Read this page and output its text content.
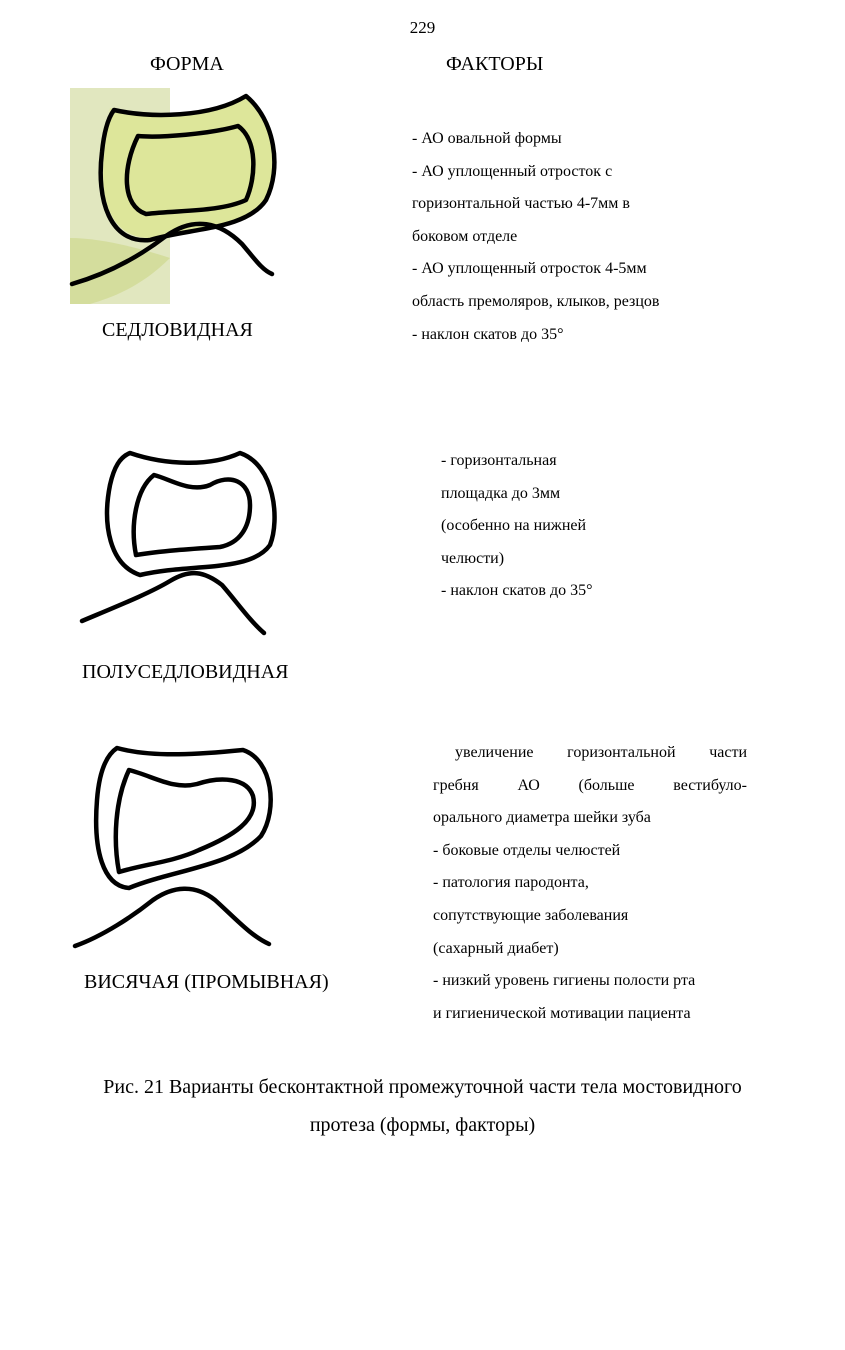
229
ФОРМА	ФАКТОРЫ
СЕДЛОВИДНАЯ
- АО овальной формы
- АО уплощенный отросток с
горизонтальной частью 4-7мм в
боковом отделе
- АО уплощенный отросток 4-5мм
область премоляров, клыков, резцов
- наклон скатов до 35°
ПОЛУСЕДЛОВИДНАЯ
- горизонтальная
площадка до 3мм
(особенно на нижней
челюсти)
- наклон скатов до 35°
ВИСЯЧАЯ (ПРОМЫВНАЯ)
увеличение горизонтальной части
гребня АО (больше вестибуло-
орального диаметра шейки зуба
- боковые отделы челюстей
- патология пародонта,
сопутствующие заболевания
(сахарный диабет)
- низкий уровень гигиены полости рта
и гигиенической мотивации пациента
Рис. 21 Варианты бесконтактной промежуточной части тела мостовидного
протеза (формы, факторы)
